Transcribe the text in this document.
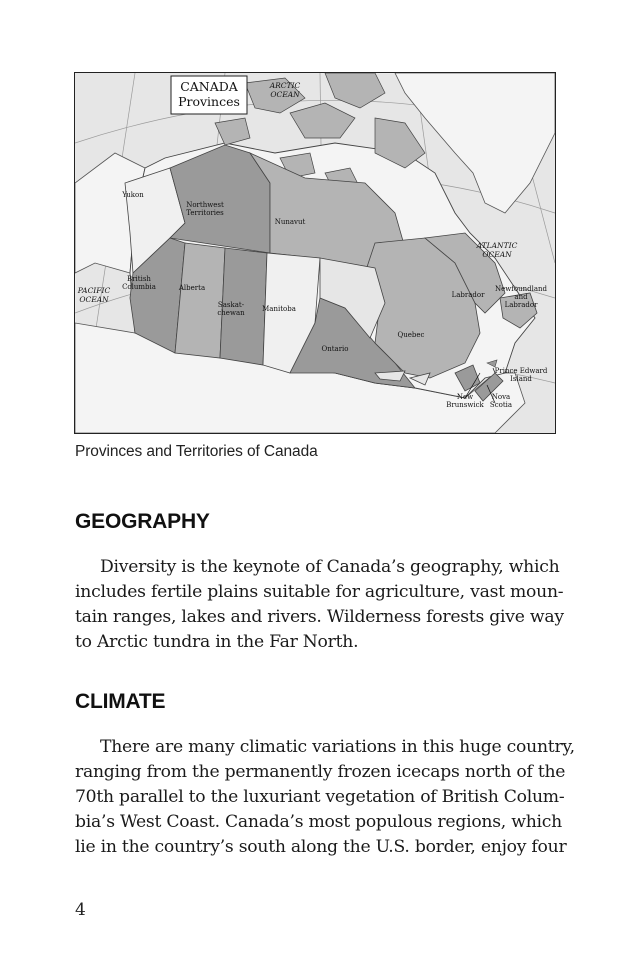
CANADA
Provinces
ARCTIC
OCEAN
ATLANTIC
OCEAN
PACIFIC
OCEAN
Yukon
Northwest
Territories
Nunavut
British
Columbia	Alberta
Saskat-
chewan Manitoba
Ontario
Quebec
Labrador
Newfoundland
and
Labrador
Prince Edward
Island
New
Brunswick
Nova
Scotia
Provinces and Territories of Canada
GEOGRAPHY

Diversity is the keynote of Canada’s geography, which
includes fertile plains suitable for agriculture, vast moun-
tain ranges, lakes and rivers. Wilderness forests give way
to Arctic tundra in the Far North.

CLIMATE

There are many climatic variations in this huge country,
ranging from the permanently frozen icecaps north of the
70th parallel to the luxuriant vegetation of British Colum-
bia’s West Coast. Canada’s most populous regions, which
lie in the country’s south along the U.S. border, enjoy four

4
